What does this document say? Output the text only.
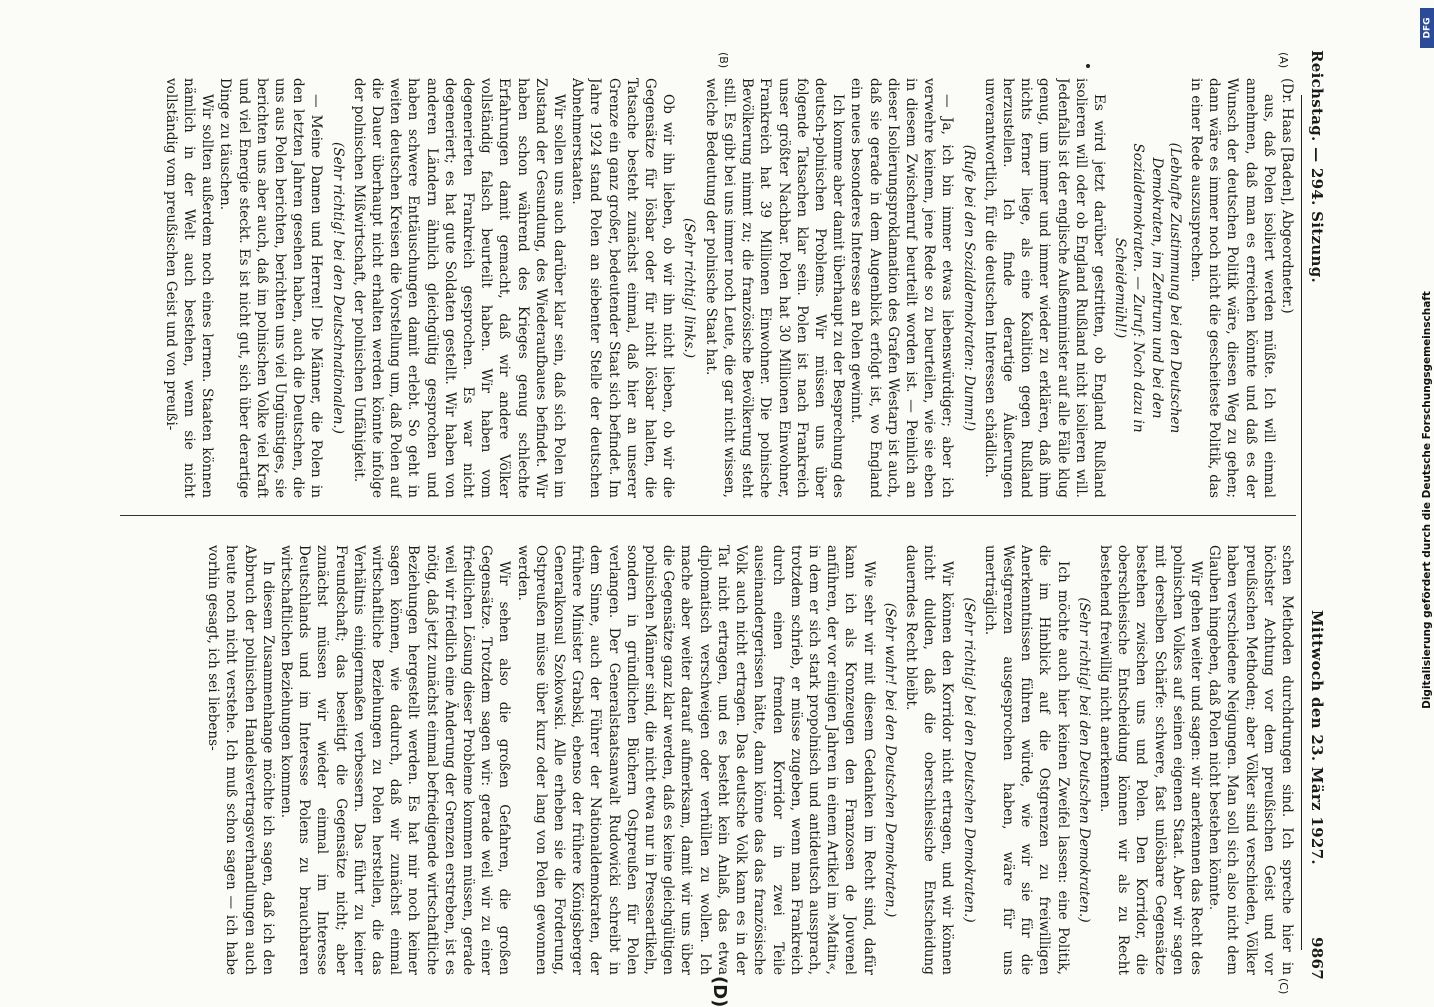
Reichstag. — 294. Sitzung.
Mittwoch den 23. März 1927.
9867
(A)
(B)
(C)
(D)

(Dr. Haas [Baden], Abgeordneter.)

aus, daß Polen isoliert werden müßte. Ich will einmal annehmen, daß man es erreichen könnte und daß es der Wunsch der deutschen Politik wäre, diesen Weg zu gehen; dann wäre es immer noch nicht die gescheiteste Politik, das in einer Rede auszusprechen.

(Lebhafte Zustimmung bei den Deutschen Demokraten, im Zentrum und bei den Sozialdemokraten. — Zuruf: Noch dazu in Scheidemühl!)

Es wird jetzt darüber gestritten, ob England Rußland isolieren will oder ob England Rußland nicht isolieren will. Jedenfalls ist der englische Außenminister auf alle Fälle klug genug, um immer und immer wieder zu erklären, daß ihm nichts ferner liege, als eine Koalition gegen Rußland herzustellen. Ich finde derartige Äußerungen unverantwortlich, für die deutschen Interessen schädlich.

(Rufe bei den Sozialdemokraten: Dumm!)

— Ja, ich bin immer etwas liebenswürdiger; aber ich verwehre keinem, jene Rede so zu beurteilen, wie sie eben in diesem Zwischenruf beurteilt worden ist. — Peinlich an dieser Isolierungsproklamation des Grafen Westarp ist auch, daß sie gerade in dem Augenblick erfolgt ist, wo England ein neues besonderes Interesse an Polen gewinnt.

Ich komme aber damit überhaupt zu der Besprechung des deutsch-polnischen Problems. Wir müssen uns über folgende Tatsachen klar sein. Polen ist nach Frankreich unser größter Nachbar. Polen hat 30 Millionen Einwohner, Frankreich hat 39 Millionen Einwohner. Die polnische Bevölkerung nimmt zu; die französische Bevölkerung steht still. Es gibt bei uns immer noch Leute, die gar nicht wissen, welche Bedeutung der polnische Staat hat.

(Sehr richtig! links.)

Ob wir ihn lieben, ob wir ihn nicht lieben, ob wir die Gegensätze für lösbar oder für nicht lösbar halten, die Tatsache besteht zunächst einmal, daß hier an unserer Grenze ein ganz großer, bedeutender Staat sich befindet. Im Jahre 1924 stand Polen an siebenter Stelle der deutschen Abnehmerstaaten.

Wir sollen uns auch darüber klar sein, daß sich Polen im Zustand der Gesundung, des Wiederaufbaues befindet. Wir haben schon während des Krieges genug schlechte Erfahrungen damit gemacht, daß wir andere Völker vollständig falsch beurteilt haben. Wir haben vom degenerierten Frankreich gesprochen. Es war nicht degeneriert; es hat gute Soldaten gestellt. Wir haben von anderen Ländern ähnlich gleichgültig gesprochen und haben schwere Enttäuschungen damit erlebt. So geht in weiten deutschen Kreisen die Vorstellung um, daß Polen auf die Dauer überhaupt nicht erhalten werden könnte infolge der polnischen Mißwirtschaft, der polnischen Unfähigkeit.

(Sehr richtig! bei den Deutschnationalen.)

— Meine Damen und Herren! Die Männer, die Polen in den letzten Jahren gesehen haben, auch die Deutschen, die uns aus Polen berichten, berichten uns viel Ungünstiges, sie berichten uns aber auch, daß im polnischen Volke viel Kraft und viel Energie steckt. Es ist nicht gut, sich über derartige Dinge zu täuschen.

Wir sollten außerdem noch eines lernen. Staaten können nämlich in der Welt auch bestehen, wenn sie nicht vollständig vom preußischen Geist und von preußi-

schen Methoden durchdrungen sind. Ich spreche hier in höchster Achtung vor dem preußischen Geist und vor preußischen Methoden; aber Völker sind verschieden, Völker haben verschiedene Neigungen. Man soll sich also nicht dem Glauben hingeben, daß Polen nicht bestehen könnte.

Wir gehen weiter und sagen: wir anerkennen das Recht des polnischen Volkes auf seinen eigenen Staat. Aber wir sagen mit derselben Schärfe: schwere, fast unlösbare Gegensätze bestehen zwischen uns und Polen. Den Korridor, die oberschlesische Entscheidung können wir als zu Recht bestehend freiwillig nicht anerkennen.

(Sehr richtig! bei den Deutschen Demokraten.)

Ich möchte auch hier keinen Zweifel lassen: eine Politik, die im Hinblick auf die Ostgrenzen zu freiwilligen Anerkenntnissen führen würde, wie wir sie für die Westgrenzen ausgesprochen haben, wäre für uns unerträglich.

(Sehr richtig! bei den Deutschen Demokraten.)

Wir können den Korridor nicht ertragen, und wir können nicht dulden, daß die oberschlesische Entscheidung dauerndes Recht bleibt.

(Sehr wahr! bei den Deutschen Demokraten.)

Wie sehr wir mit diesem Gedanken im Recht sind, dafür kann ich als Kronzeugen den Franzosen de Jouvenel anführen, der vor einigen Jahren in einem Artikel im »Matin«, in dem er sich stark propolnisch und antideutsch aussprach, trotzdem schrieb, er müsse zugeben, wenn man Frankreich durch einen fremden Korridor in zwei Teile auseinandergerissen hätte, dann könne das das französische Volk auch nicht ertragen. Das deutsche Volk kann es in der Tat nicht ertragen, und es besteht kein Anlaß, das etwa diplomatisch verschweigen oder verhüllen zu wollen. Ich mache aber weiter darauf aufmerksam, damit wir uns über die Gegensätze ganz klar werden, daß es keine gleichgültigen polnischen Männer sind, die nicht etwa nur in Presseartikeln, sondern in gründlichen Büchern Ostpreußen für Polen verlangen. Der Generalstaatsanwalt Rudowicki schreibt in dem Sinne, auch der Führer der Nationaldemokraten, der frühere Minister Grabski, ebenso der frühere Königsberger Generalkonsul Szokowski. Alle erheben sie die Forderung, Ostpreußen müsse über kurz oder lang von Polen gewonnen werden.

Wir sehen also die großen Gefahren, die großen Gegensätze. Trotzdem sagen wir: gerade weil wir zu einer friedlichen Lösung dieser Probleme kommen müssen, gerade weil wir friedlich eine Änderung der Grenzen erstreben, ist es nötig, daß jetzt zunächst einmal befriedigende wirtschaftliche Beziehungen hergestellt werden. Es hat mir noch keiner sagen können, wie dadurch, daß wir zunächst einmal wirtschaftliche Beziehungen zu Polen herstellen, die das Verhältnis einigermaßen verbessern. Das führt zu keiner Freundschaft; das beseitigt die Gegensätze nicht; aber zunächst müssen wir wieder einmal im Interesse Deutschlands und im Interesse Polens zu brauchbaren wirtschaftlichen Beziehungen kommen.

In diesem Zusammenhange möchte ich sagen, daß ich den Abbruch der polnischen Handelsvertragsverhandlungen auch heute noch nicht verstehe. Ich muß schon sagen — ich habe vorhin gesagt, ich sei liebens-

DFG
Digitalisierung gefördert durch die Deutsche Forschungsgemeinschaft
